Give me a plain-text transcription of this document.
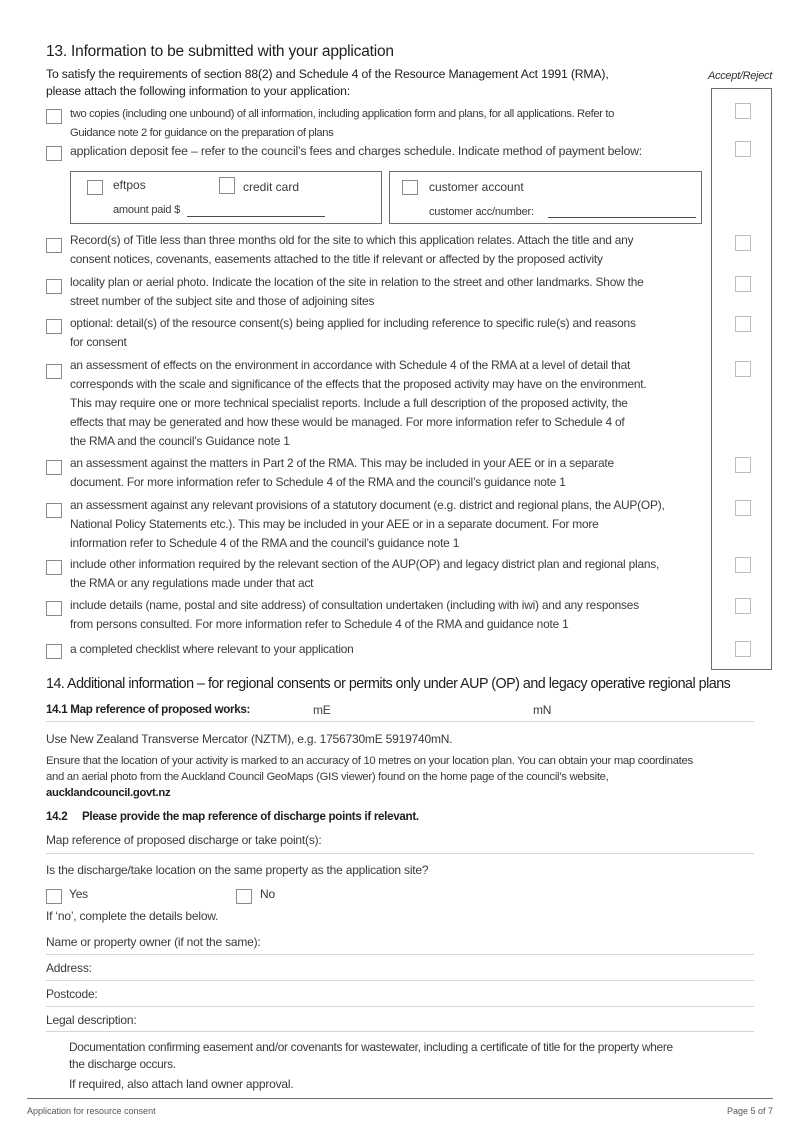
13. Information to be submitted with your application
To satisfy the requirements of section 88(2) and Schedule 4 of the Resource Management Act 1991 (RMA),
please attach the following information to your application:
Accept/Reject
two copies (including one unbound) of all information, including application form and plans, for all applications. Refer to
Guidance note 2 for guidance on the preparation of plans
application deposit fee – refer to the council’s fees and charges schedule. Indicate method of payment below:
eftpos	credit card
amount paid $
customer account
customer acc/number:
Record(s) of Title less than three months old for the site to which this application relates. Attach the title and any
consent notices, covenants, easements attached to the title if relevant or affected by the proposed activity
locality plan or aerial photo. Indicate the location of the site in relation to the street and other landmarks. Show the
street number of the subject site and those of adjoining sites
optional: detail(s) of the resource consent(s) being applied for including reference to specific rule(s) and reasons
for consent
an assessment of effects on the environment in accordance with Schedule 4 of the RMA at a level of detail that
corresponds with the scale and significance of the effects that the proposed activity may have on the environment.
This may require one or more technical specialist reports. Include a full description of the proposed activity, the
effects that may be generated and how these would be managed. For more information refer to Schedule 4 of
the RMA and the council’s Guidance note 1
an assessment against the matters in Part 2 of the RMA. This may be included in your AEE or in a separate
document. For more information refer to Schedule 4 of the RMA and the council’s guidance note 1
an assessment against any relevant provisions of a statutory document (e.g. district and regional plans, the AUP(OP),
National Policy Statements etc.). This may be included in your AEE or in a separate document. For more
information refer to Schedule 4 of the RMA and the council’s guidance note 1
include other information required by the relevant section of the AUP(OP) and legacy district plan and regional plans,
the RMA or any regulations made under that act
include details (name, postal and site address) of consultation undertaken (including with iwi) and any responses
from persons consulted. For more information refer to Schedule 4 of the RMA and guidance note 1
a completed checklist where relevant to your application
14. Additional information – for regional consents or permits only under AUP (OP) and legacy operative regional plans
14.1 Map reference of proposed works:	mE	mN
Use New Zealand Transverse Mercator (NZTM), e.g. 1756730mE 5919740mN.
Ensure that the location of your activity is marked to an accuracy of 10 metres on your location plan. You can obtain your map coordinates
and an aerial photo from the Auckland Council GeoMaps (GIS viewer) found on the home page of the council’s website,
aucklandcouncil.govt.nz
14.2 Please provide the map reference of discharge points if relevant.
Map reference of proposed discharge or take point(s):
Is the discharge/take location on the same property as the application site?
Yes	No
If ‘no’, complete the details below.
Name or property owner (if not the same):
Address:
Postcode:
Legal description:
Documentation confirming easement and/or covenants for wastewater, including a certificate of title for the property where
the discharge occurs.
If required, also attach land owner approval.
Application for resource consent	Page 5 of 7
